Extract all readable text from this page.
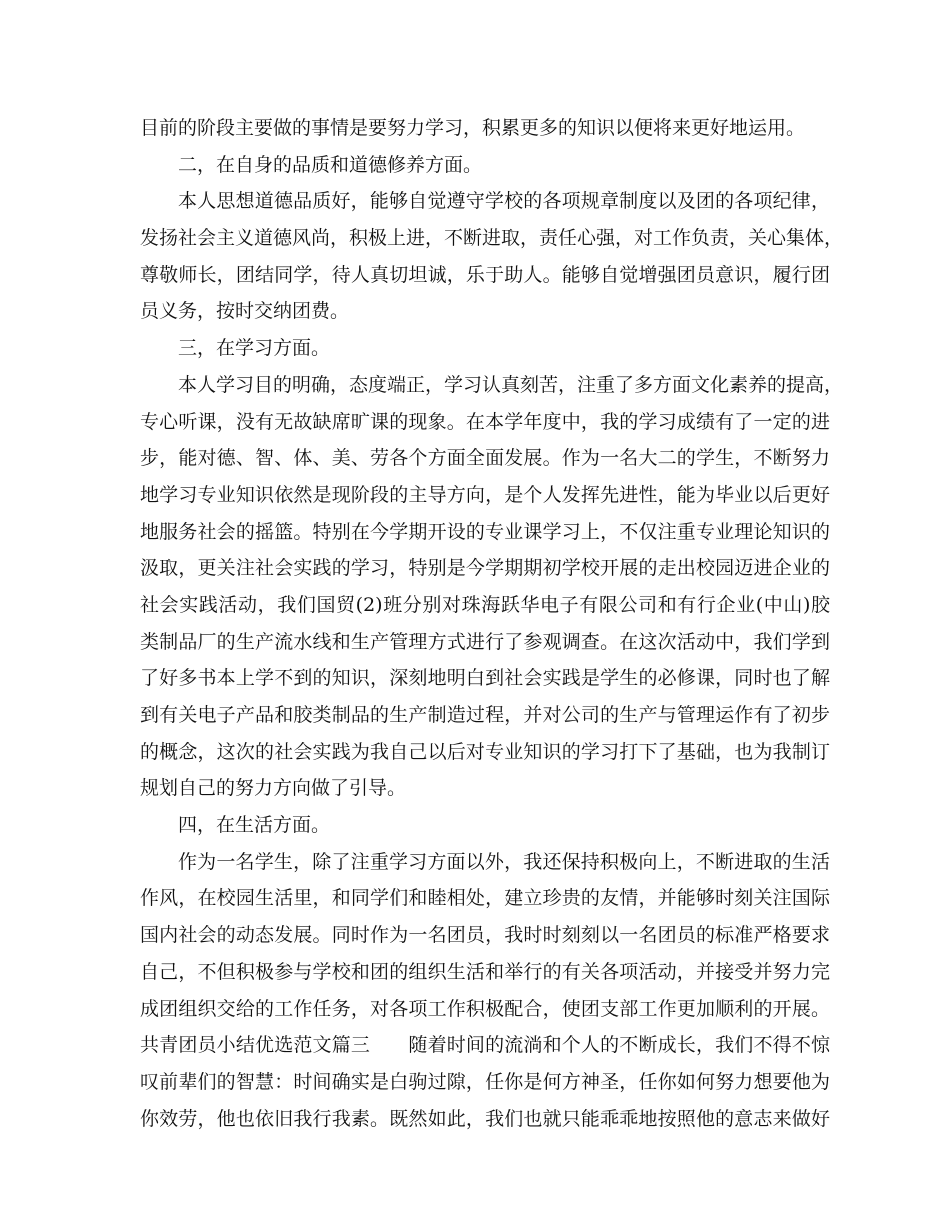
目前的阶段主要做的事情是要努力学习，积累更多的知识以便将来更好地运用。
二，在自身的品质和道德修养方面。
本人思想道德品质好，能够自觉遵守学校的各项规章制度以及团的各项纪律，
发扬社会主义道德风尚，积极上进，不断进取，责任心强，对工作负责，关心集体，
尊敬师长，团结同学，待人真切坦诚，乐于助人。能够自觉增强团员意识，履行团
员义务，按时交纳团费。
三，在学习方面。
本人学习目的明确，态度端正，学习认真刻苦，注重了多方面文化素养的提高，
专心听课，没有无故缺席旷课的现象。在本学年度中，我的学习成绩有了一定的进
步，能对德、智、体、美、劳各个方面全面发展。作为一名大二的学生，不断努力
地学习专业知识依然是现阶段的主导方向，是个人发挥先进性，能为毕业以后更好
地服务社会的摇篮。特别在今学期开设的专业课学习上，不仅注重专业理论知识的
汲取，更关注社会实践的学习，特别是今学期期初学校开展的走出校园迈进企业的
社会实践活动，我们国贸(2)班分别对珠海跃华电子有限公司和有行企业(中山)胶
类制品厂的生产流水线和生产管理方式进行了参观调查。在这次活动中，我们学到
了好多书本上学不到的知识，深刻地明白到社会实践是学生的必修课，同时也了解
到有关电子产品和胶类制品的生产制造过程，并对公司的生产与管理运作有了初步
的概念，这次的社会实践为我自己以后对专业知识的学习打下了基础，也为我制订
规划自己的努力方向做了引导。
四，在生活方面。
作为一名学生，除了注重学习方面以外，我还保持积极向上，不断进取的生活
作风，在校园生活里，和同学们和睦相处，建立珍贵的友情，并能够时刻关注国际
国内社会的动态发展。同时作为一名团员，我时时刻刻以一名团员的标准严格要求
自己，不但积极参与学校和团的组织生活和举行的有关各项活动，并接受并努力完
成团组织交给的工作任务，对各项工作积极配合，使团支部工作更加顺利的开展。
共青团员小结优选范文篇三　　随着时间的流淌和个人的不断成长，我们不得不惊
叹前辈们的智慧：时间确实是白驹过隙，任你是何方神圣，任你如何努力想要他为
你效劳，他也依旧我行我素。既然如此，我们也就只能乖乖地按照他的意志来做好
